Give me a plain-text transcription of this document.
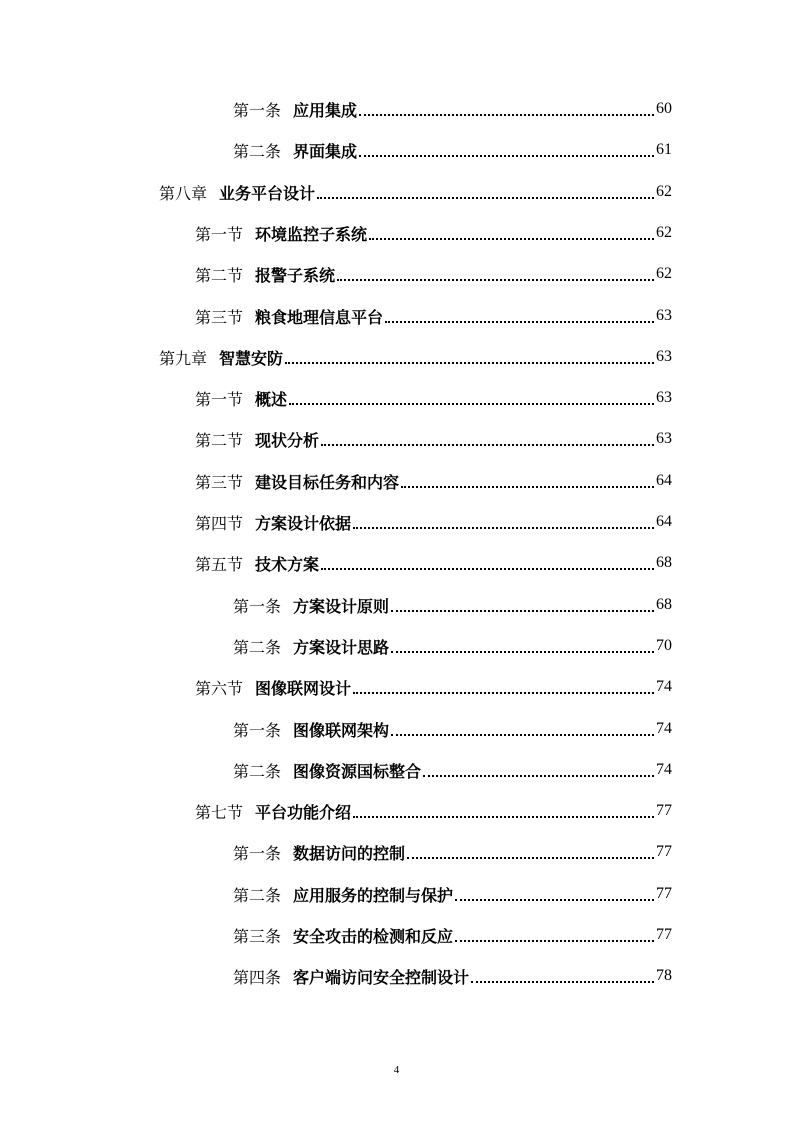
第一条 应用集成	60
第二条 界面集成	61
第八章 业务平台设计	62
第一节 环境监控子系统	62
第二节 报警子系统	62
第三节 粮食地理信息平台	63
第九章 智慧安防	63
第一节 概述	63
第二节 现状分析	63
第三节 建设目标任务和内容	64
第四节 方案设计依据	64
第五节 技术方案	68
第一条 方案设计原则	68
第二条 方案设计思路	70
第六节 图像联网设计	74
第一条 图像联网架构	74
第二条 图像资源国标整合	74
第七节 平台功能介绍	77
第一条 数据访问的控制	77
第二条 应用服务的控制与保护	77
第三条 安全攻击的检测和反应	77
第四条 客户端访问安全控制设计	78
4
